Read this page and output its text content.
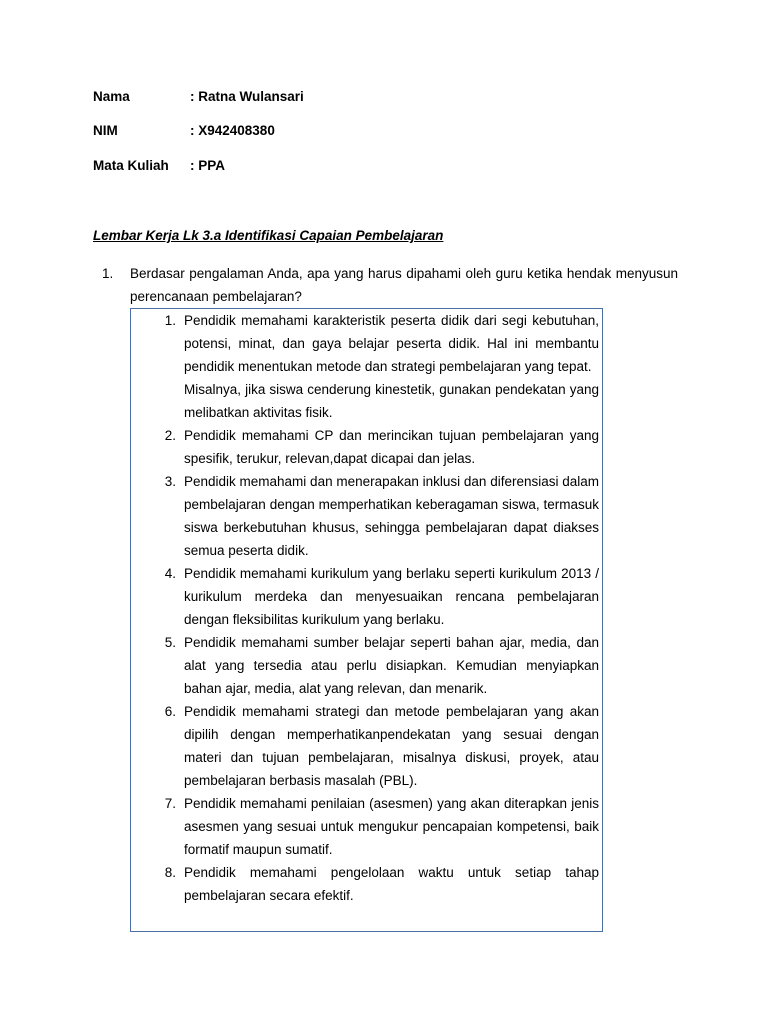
Nama	: Ratna Wulansari
NIM	: X942408380
Mata Kuliah : PPA
Lembar Kerja Lk 3.a Identifikasi Capaian Pembelajaran
1. Berdasar pengalaman Anda, apa yang harus dipahami oleh guru ketika hendak menyusun perencanaan pembelajaran?
1. Pendidik memahami karakteristik peserta didik dari segi kebutuhan, potensi, minat, dan gaya belajar peserta didik. Hal ini membantu pendidik menentukan metode dan strategi pembelajaran yang tepat.
Misalnya, jika siswa cenderung kinestetik, gunakan pendekatan yang melibatkan aktivitas fisik.
2. Pendidik memahami CP dan merincikan tujuan pembelajaran yang spesifik, terukur, relevan,dapat dicapai dan jelas.
3. Pendidik memahami dan menerapakan inklusi dan diferensiasi dalam pembelajaran dengan memperhatikan keberagaman siswa, termasuk siswa berkebutuhan khusus, sehingga pembelajaran dapat diakses semua peserta didik.
4. Pendidik memahami kurikulum yang berlaku seperti kurikulum 2013 / kurikulum merdeka dan menyesuaikan rencana pembelajaran dengan fleksibilitas kurikulum yang berlaku.
5. Pendidik memahami sumber belajar seperti bahan ajar, media, dan alat yang tersedia atau perlu disiapkan. Kemudian menyiapkan bahan ajar, media, alat yang relevan, dan menarik.
6. Pendidik memahami strategi dan metode pembelajaran yang akan dipilih dengan memperhatikanpendekatan yang sesuai dengan materi dan tujuan pembelajaran, misalnya diskusi, proyek, atau pembelajaran berbasis masalah (PBL).
7. Pendidik memahami penilaian (asesmen) yang akan diterapkan jenis asesmen yang sesuai untuk mengukur pencapaian kompetensi, baik formatif maupun sumatif.
8. Pendidik memahami pengelolaan waktu untuk setiap tahap pembelajaran secara efektif.
